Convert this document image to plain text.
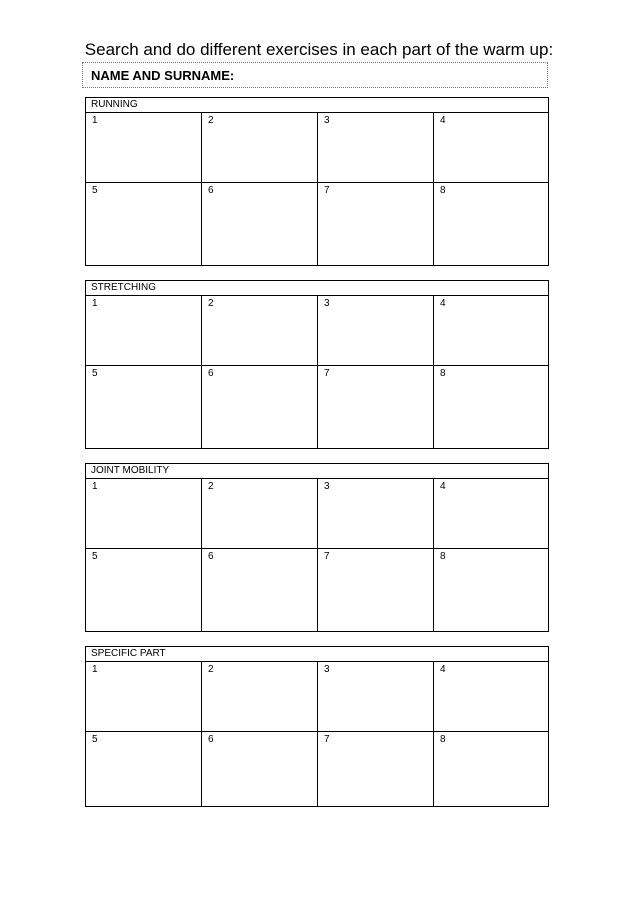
Search and do different exercises in each part of the warm up:
NAME AND SURNAME:
RUNNING
1	2	3	4
5	6	7	8
STRETCHING
1	2	3	4
5	6	7	8
JOINT MOBILITY
1	2	3	4
5	6	7	8
SPECIFIC PART
1	2	3	4
5	6	7	8
